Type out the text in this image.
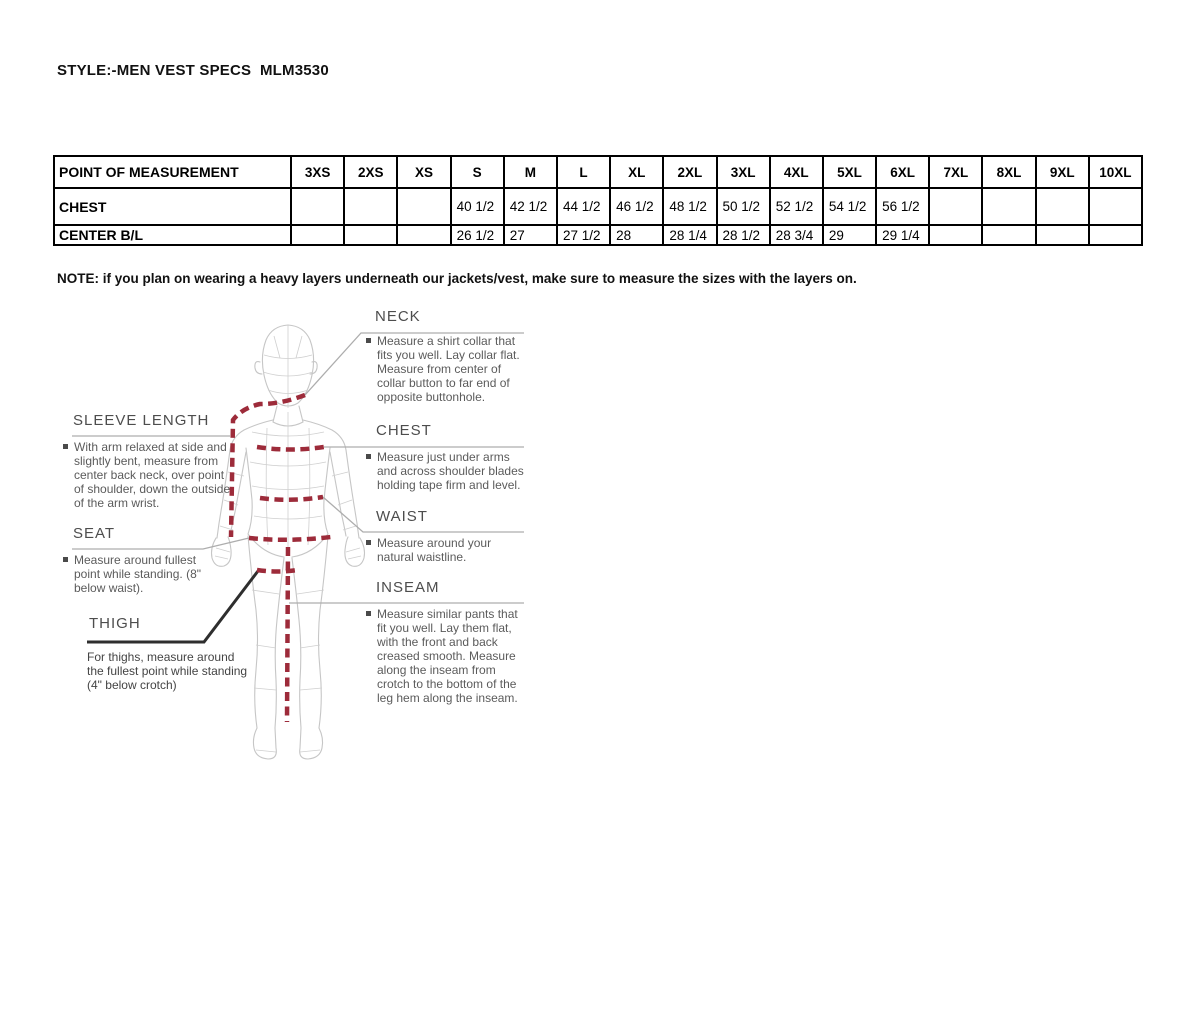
STYLE:-MEN VEST SPECS  MLM3530
POINT OF MEASUREMENT	3XS	2XS	XS	S	M	L	XL	2XL	3XL	4XL	5XL	6XL	7XL	8XL	9XL	10XL
CHEST				40 1/2	42 1/2	44 1/2	46 1/2	48 1/2	50 1/2	52 1/2	54 1/2	56 1/2				
CENTER B/L				26 1/2	27	27 1/2	28	28 1/4	28 1/2	28 3/4	29	29 1/4				
NOTE: if you plan on wearing a heavy layers underneath our jackets/vest, make sure to measure the sizes with the layers on.
NECK
Measure a shirt collar that fits you well. Lay collar flat. Measure from center of collar button to far end of opposite buttonhole.
SLEEVE LENGTH
With arm relaxed at side and slightly bent, measure from center back neck, over point of shoulder, down the outside of the arm wrist.
CHEST
Measure just under arms and across shoulder blades holding tape firm and level.
SEAT
Measure around fullest point while standing. (8" below waist).
WAIST
Measure around your natural waistline.
THIGH
For thighs, measure around the fullest point while standing (4" below crotch)
INSEAM
Measure similar pants that fit you well. Lay them flat, with the front and back creased smooth. Measure along the inseam from crotch to the bottom of the leg hem along the inseam.
